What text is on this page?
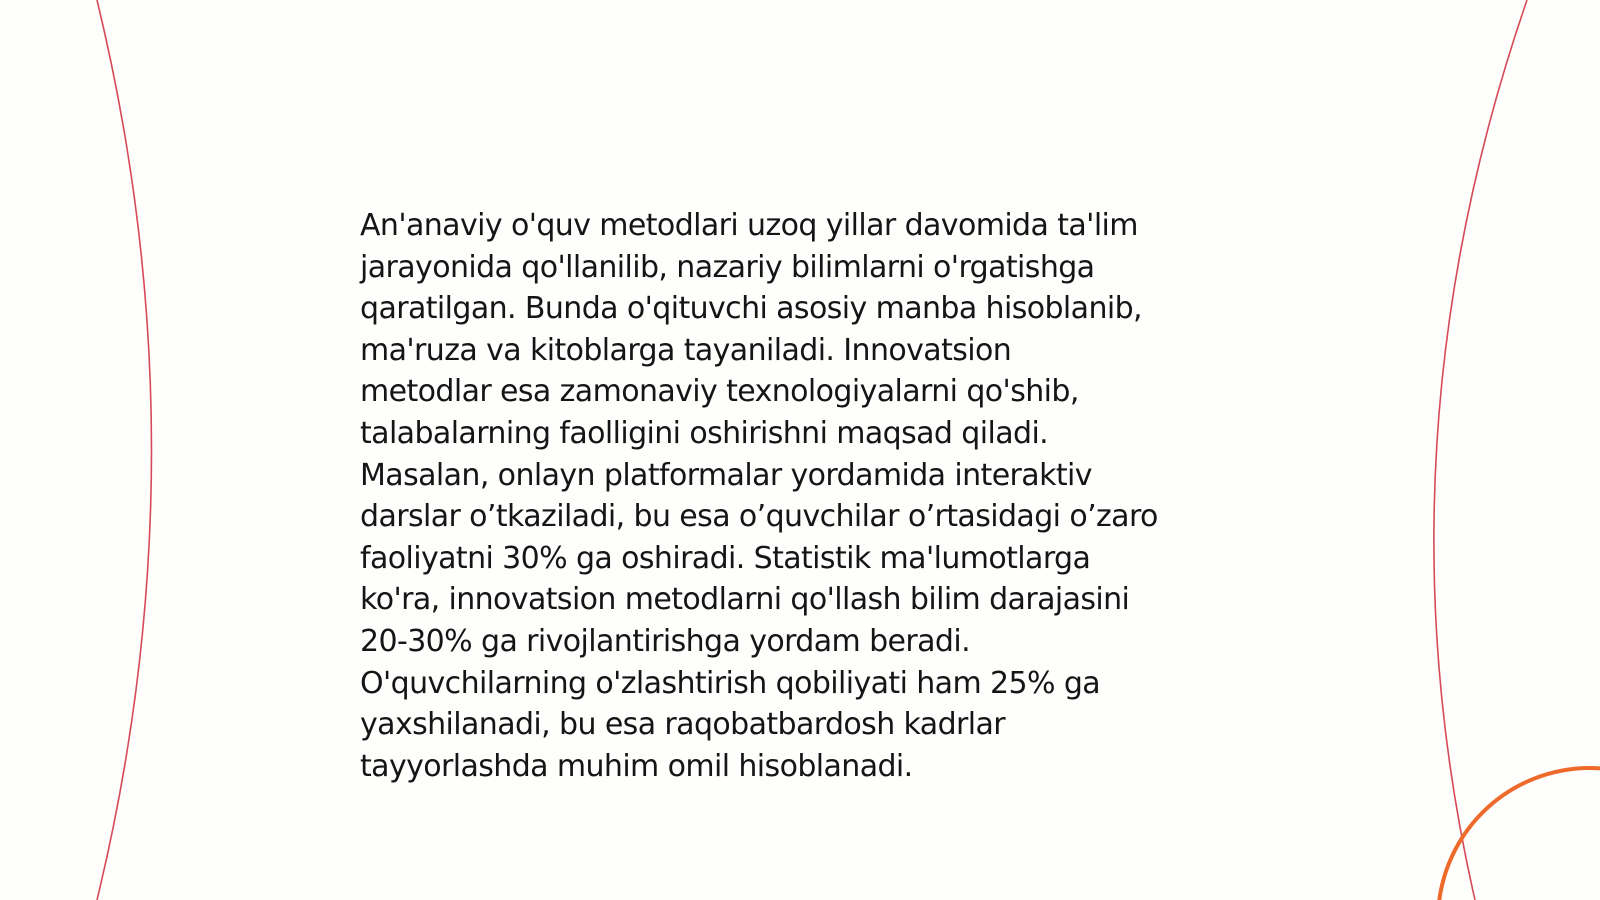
An'anaviy o'quv metodlari uzoq yillar davomida ta'lim
jarayonida qo'llanilib, nazariy bilimlarni o'rgatishga
qaratilgan. Bunda o'qituvchi asosiy manba hisoblanib,
ma'ruza va kitoblarga tayaniladi. Innovatsion
metodlar esa zamonaviy texnologiyalarni qo'shib,
talabalarning faolligini oshirishni maqsad qiladi.
Masalan, onlayn platformalar yordamida interaktiv
darslar o’tkaziladi, bu esa o’quvchilar o’rtasidagi o’zaro
faoliyatni 30% ga oshiradi. Statistik ma'lumotlarga
ko'ra, innovatsion metodlarni qo'llash bilim darajasini
20-30% ga rivojlantirishga yordam beradi.
O'quvchilarning o'zlashtirish qobiliyati ham 25% ga
yaxshilanadi, bu esa raqobatbardosh kadrlar
tayyorlashda muhim omil hisoblanadi.
